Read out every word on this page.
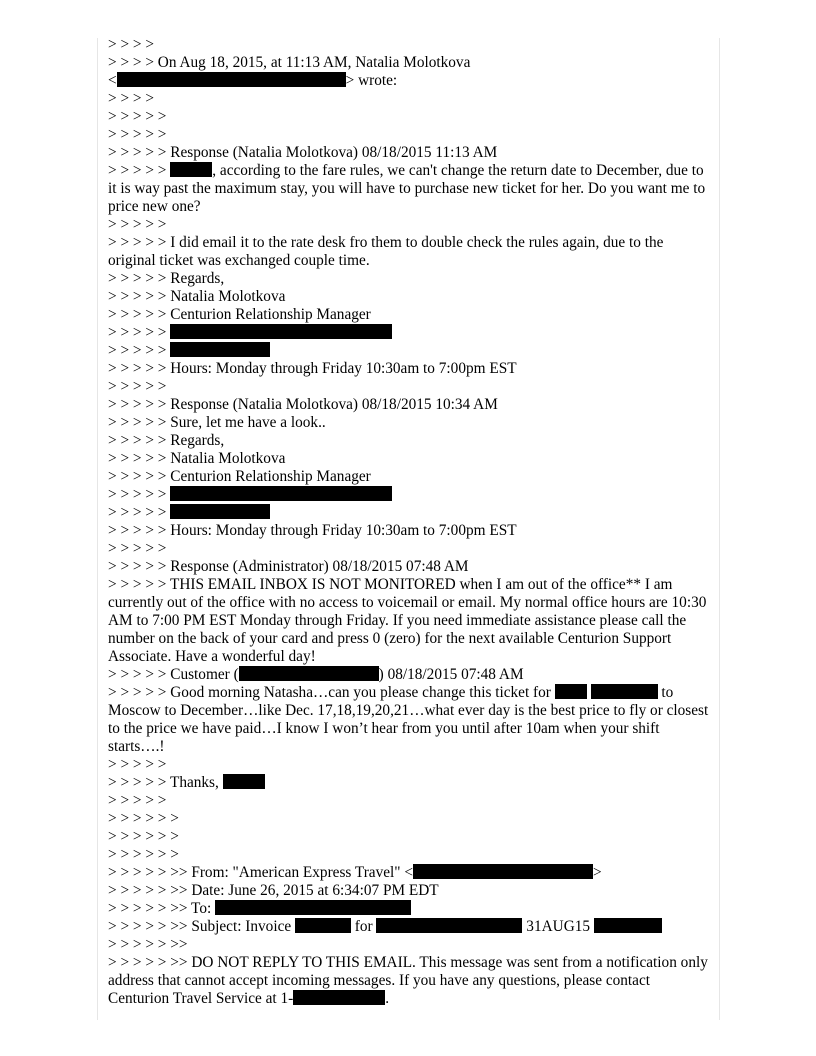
> > > >
> > > > On Aug 18, 2015, at 11:13 AM, Natalia Molotkova
<	> wrote:
> > > >
> > > > >
> > > > >
> > > > > Response (Natalia Molotkova) 08/18/2015 11:13 AM
> > > > >	, according to the fare rules, we can't change the return date to December, due to it is way past the maximum stay, you will have to purchase new ticket for her. Do you want me to price new one?
> > > > >
> > > > > I did email it to the rate desk fro them to double check the rules again, due to the original ticket was exchanged couple time.
> > > > > Regards,
> > > > > Natalia Molotkova
> > > > > Centurion Relationship Manager
> > > > >
> > > > >
> > > > > Hours: Monday through Friday 10:30am to 7:00pm EST
> > > > >
> > > > > Response (Natalia Molotkova) 08/18/2015 10:34 AM
> > > > > Sure, let me have a look..
> > > > > Regards,
> > > > > Natalia Molotkova
> > > > > Centurion Relationship Manager
> > > > >
> > > > >
> > > > > Hours: Monday through Friday 10:30am to 7:00pm EST
> > > > >
> > > > > Response (Administrator) 08/18/2015 07:48 AM
> > > > > THIS EMAIL INBOX IS NOT MONITORED when I am out of the office** I am currently out of the office with no access to voicemail or email. My normal office hours are 10:30 AM to 7:00 PM EST Monday through Friday. If you need immediate assistance please call the number on the back of your card and press 0 (zero) for the next available Centurion Support Associate. Have a wonderful day!
> > > > > Customer (	) 08/18/2015 07:48 AM
> > > > > Good morning Natasha…can you please change this ticket for	to Moscow to December…like Dec. 17,18,19,20,21…what ever day is the best price to fly or closest to the price we have paid…I know I won’t hear from you until after 10am when your shift starts….!
> > > > >
> > > > > Thanks,
> > > > >
> > > > > >
> > > > > >
> > > > > >
> > > > > >> From: "American Express Travel" <	>
> > > > > >> Date: June 26, 2015 at 6:34:07 PM EDT
> > > > > >> To:
> > > > > >> Subject: Invoice	for	31AUG15
> > > > > >>
> > > > > >> DO NOT REPLY TO THIS EMAIL. This message was sent from a notification only address that cannot accept incoming messages. If you have any questions, please contact Centurion Travel Service at 1-	.
